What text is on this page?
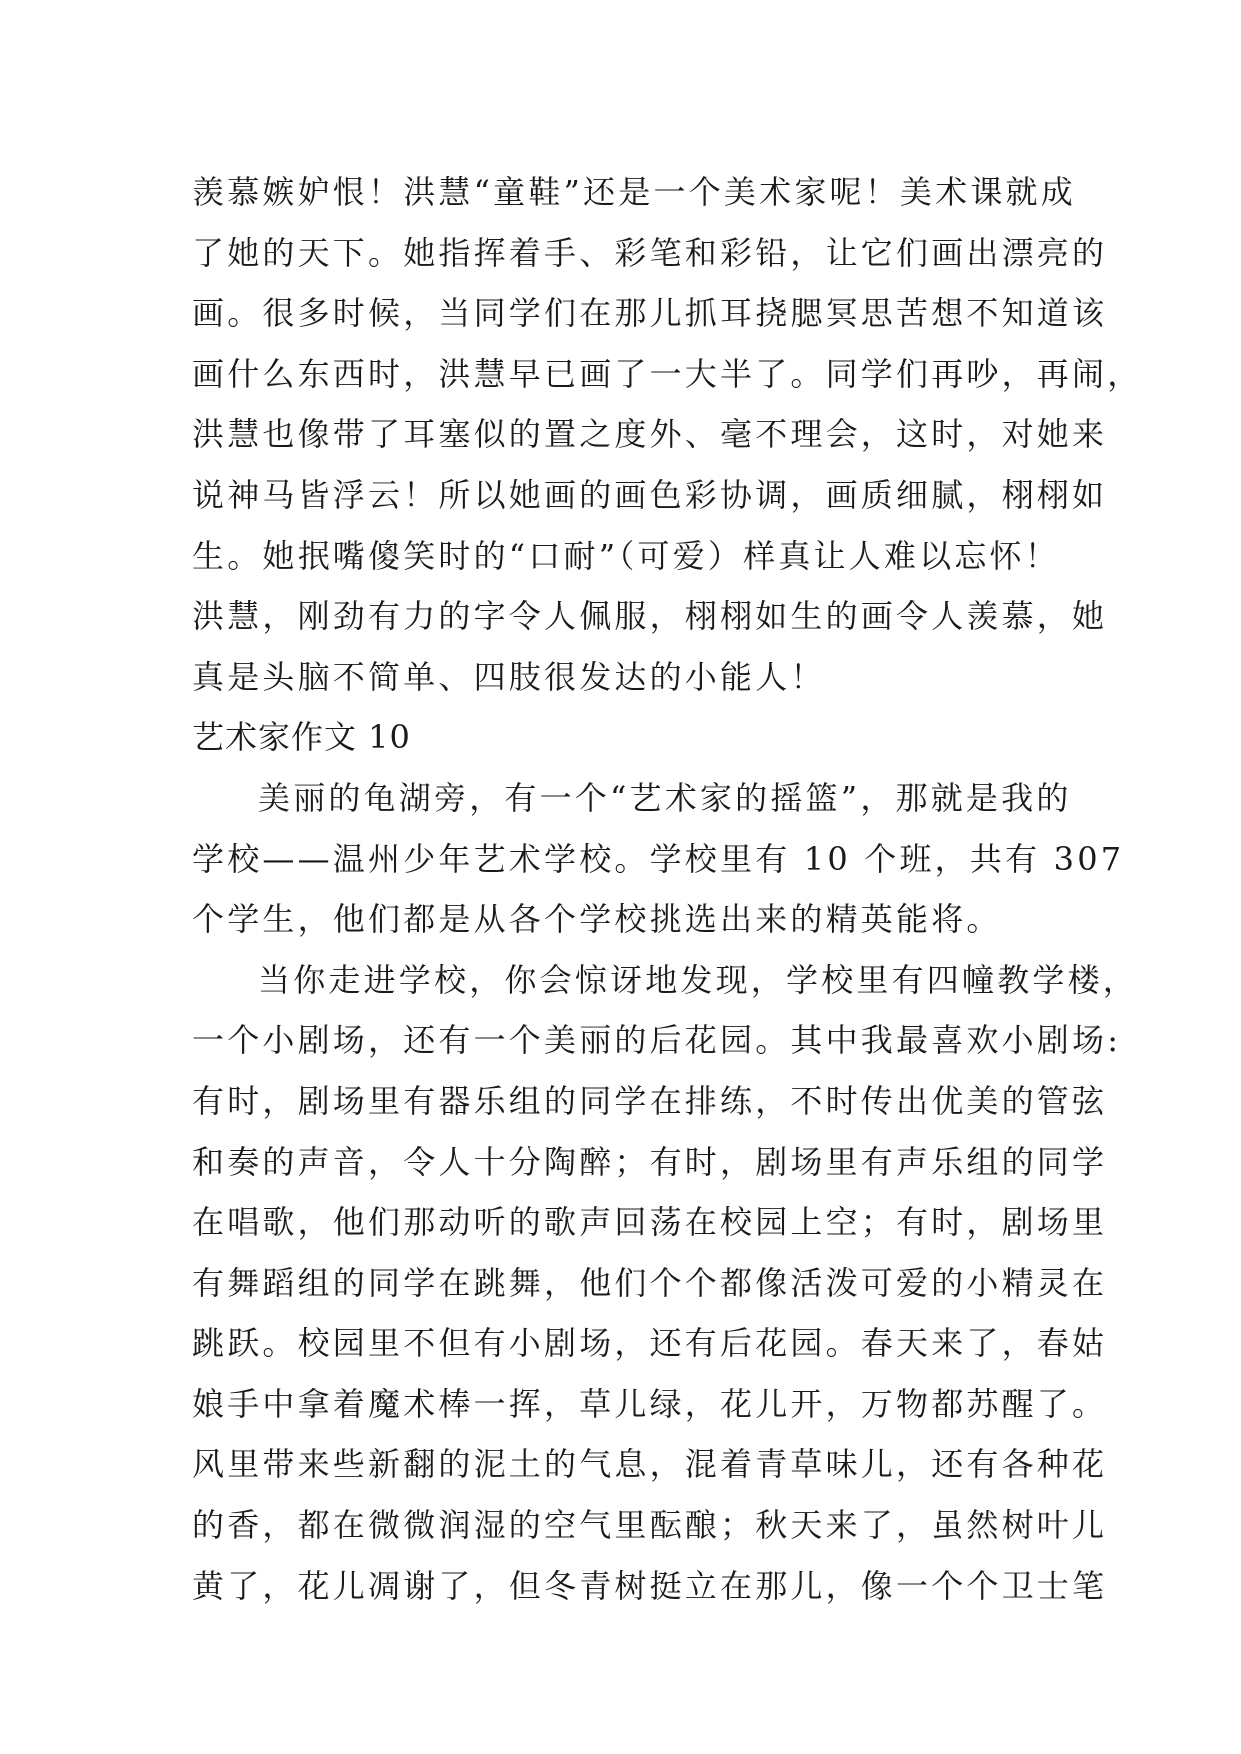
羡慕嫉妒恨！洪慧“童鞋”还是一个美术家呢！美术课就成
了她的天下。她指挥着手、彩笔和彩铅，让它们画出漂亮的
画。很多时候，当同学们在那儿抓耳挠腮冥思苦想不知道该
画什么东西时，洪慧早已画了一大半了。同学们再吵，再闹，
洪慧也像带了耳塞似的置之度外、毫不理会，这时，对她来
说神马皆浮云！所以她画的画色彩协调，画质细腻，栩栩如
生。她抿嘴傻笑时的“口耐”（可爱）样真让人难以忘怀！
洪慧，刚劲有力的字令人佩服，栩栩如生的画令人羡慕，她
真是头脑不简单、四肢很发达的小能人！
艺术家作文 10
美丽的龟湖旁，有一个“艺术家的摇篮”，那就是我的
学校——温州少年艺术学校。学校里有 10 个班，共有 307
个学生，他们都是从各个学校挑选出来的精英能将。
当你走进学校，你会惊讶地发现，学校里有四幢教学楼，
一个小剧场，还有一个美丽的后花园。其中我最喜欢小剧场:
有时，剧场里有器乐组的同学在排练，不时传出优美的管弦
和奏的声音，令人十分陶醉；有时，剧场里有声乐组的同学
在唱歌，他们那动听的歌声回荡在校园上空；有时，剧场里
有舞蹈组的同学在跳舞，他们个个都像活泼可爱的小精灵在
跳跃。校园里不但有小剧场，还有后花园。春天来了，春姑
娘手中拿着魔术棒一挥，草儿绿，花儿开，万物都苏醒了。
风里带来些新翻的泥土的气息，混着青草味儿，还有各种花
的香，都在微微润湿的空气里酝酿；秋天来了，虽然树叶儿
黄了，花儿凋谢了，但冬青树挺立在那儿，像一个个卫士笔
